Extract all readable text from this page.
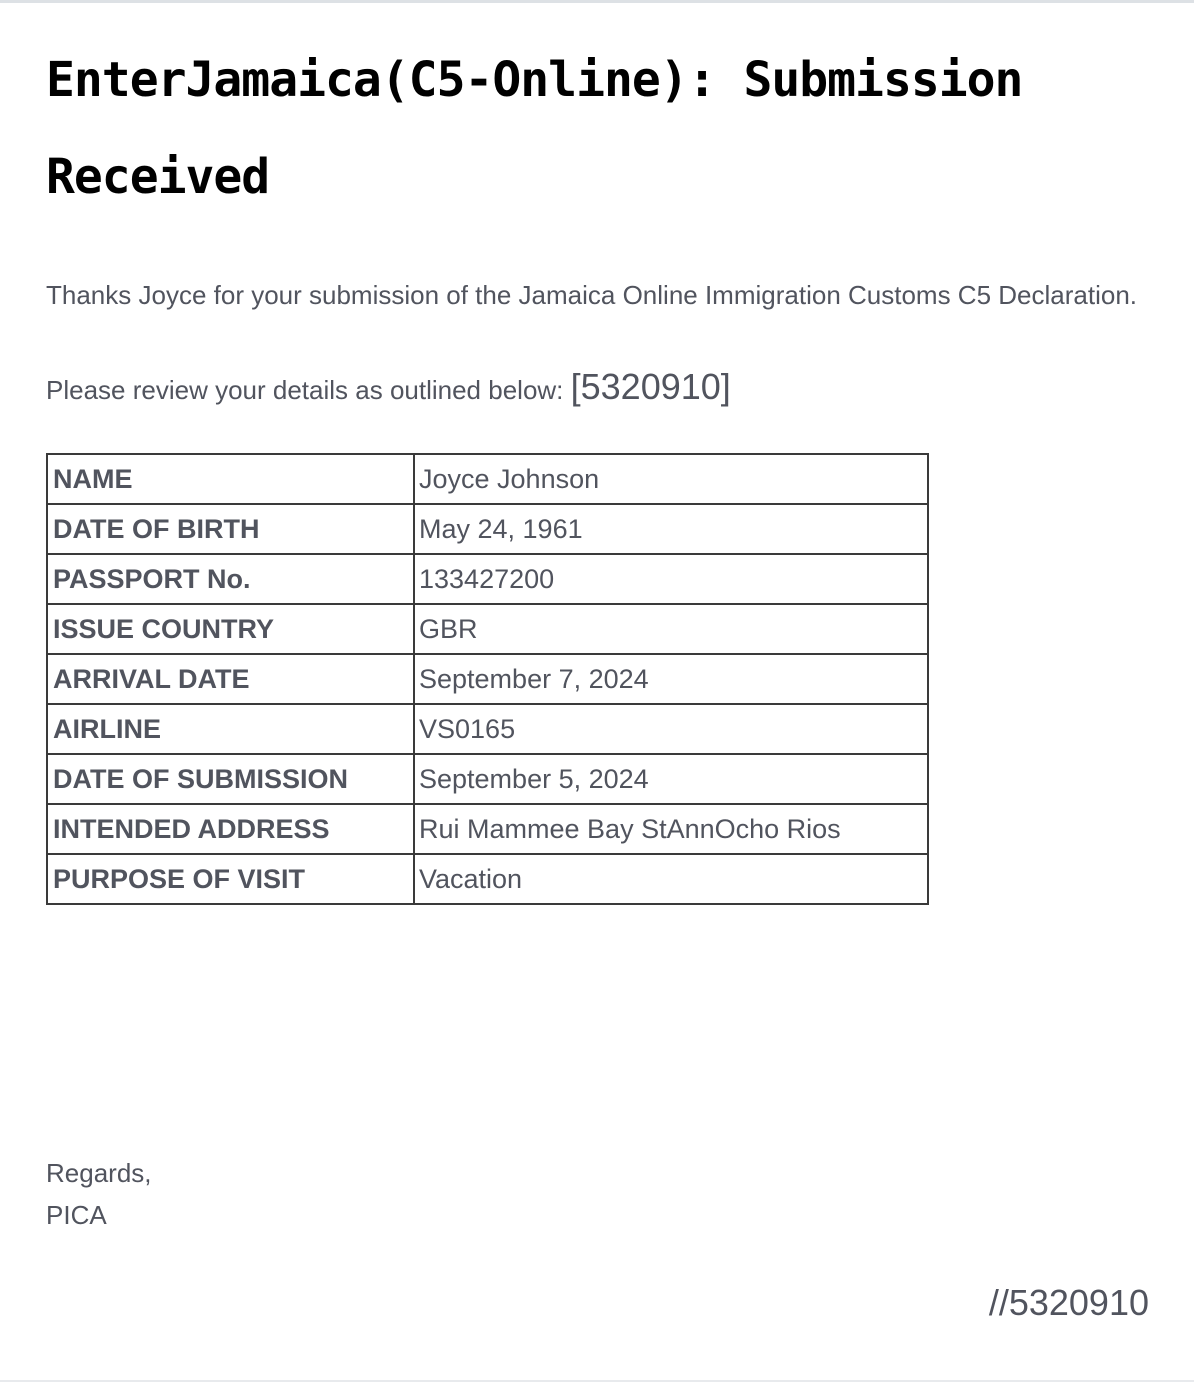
EnterJamaica(C5-Online): Submission Received

Thanks Joyce for your submission of the Jamaica Online Immigration Customs C5 Declaration.

Please review your details as outlined below: [5320910]

NAME	Joyce Johnson
DATE OF BIRTH	May 24, 1961
PASSPORT No.	133427200
ISSUE COUNTRY	GBR
ARRIVAL DATE	September 7, 2024
AIRLINE	VS0165
DATE OF SUBMISSION	September 5, 2024
INTENDED ADDRESS	Rui Mammee Bay StAnnOcho Rios
PURPOSE OF VISIT	Vacation
Regards,
PICA
//5320910
